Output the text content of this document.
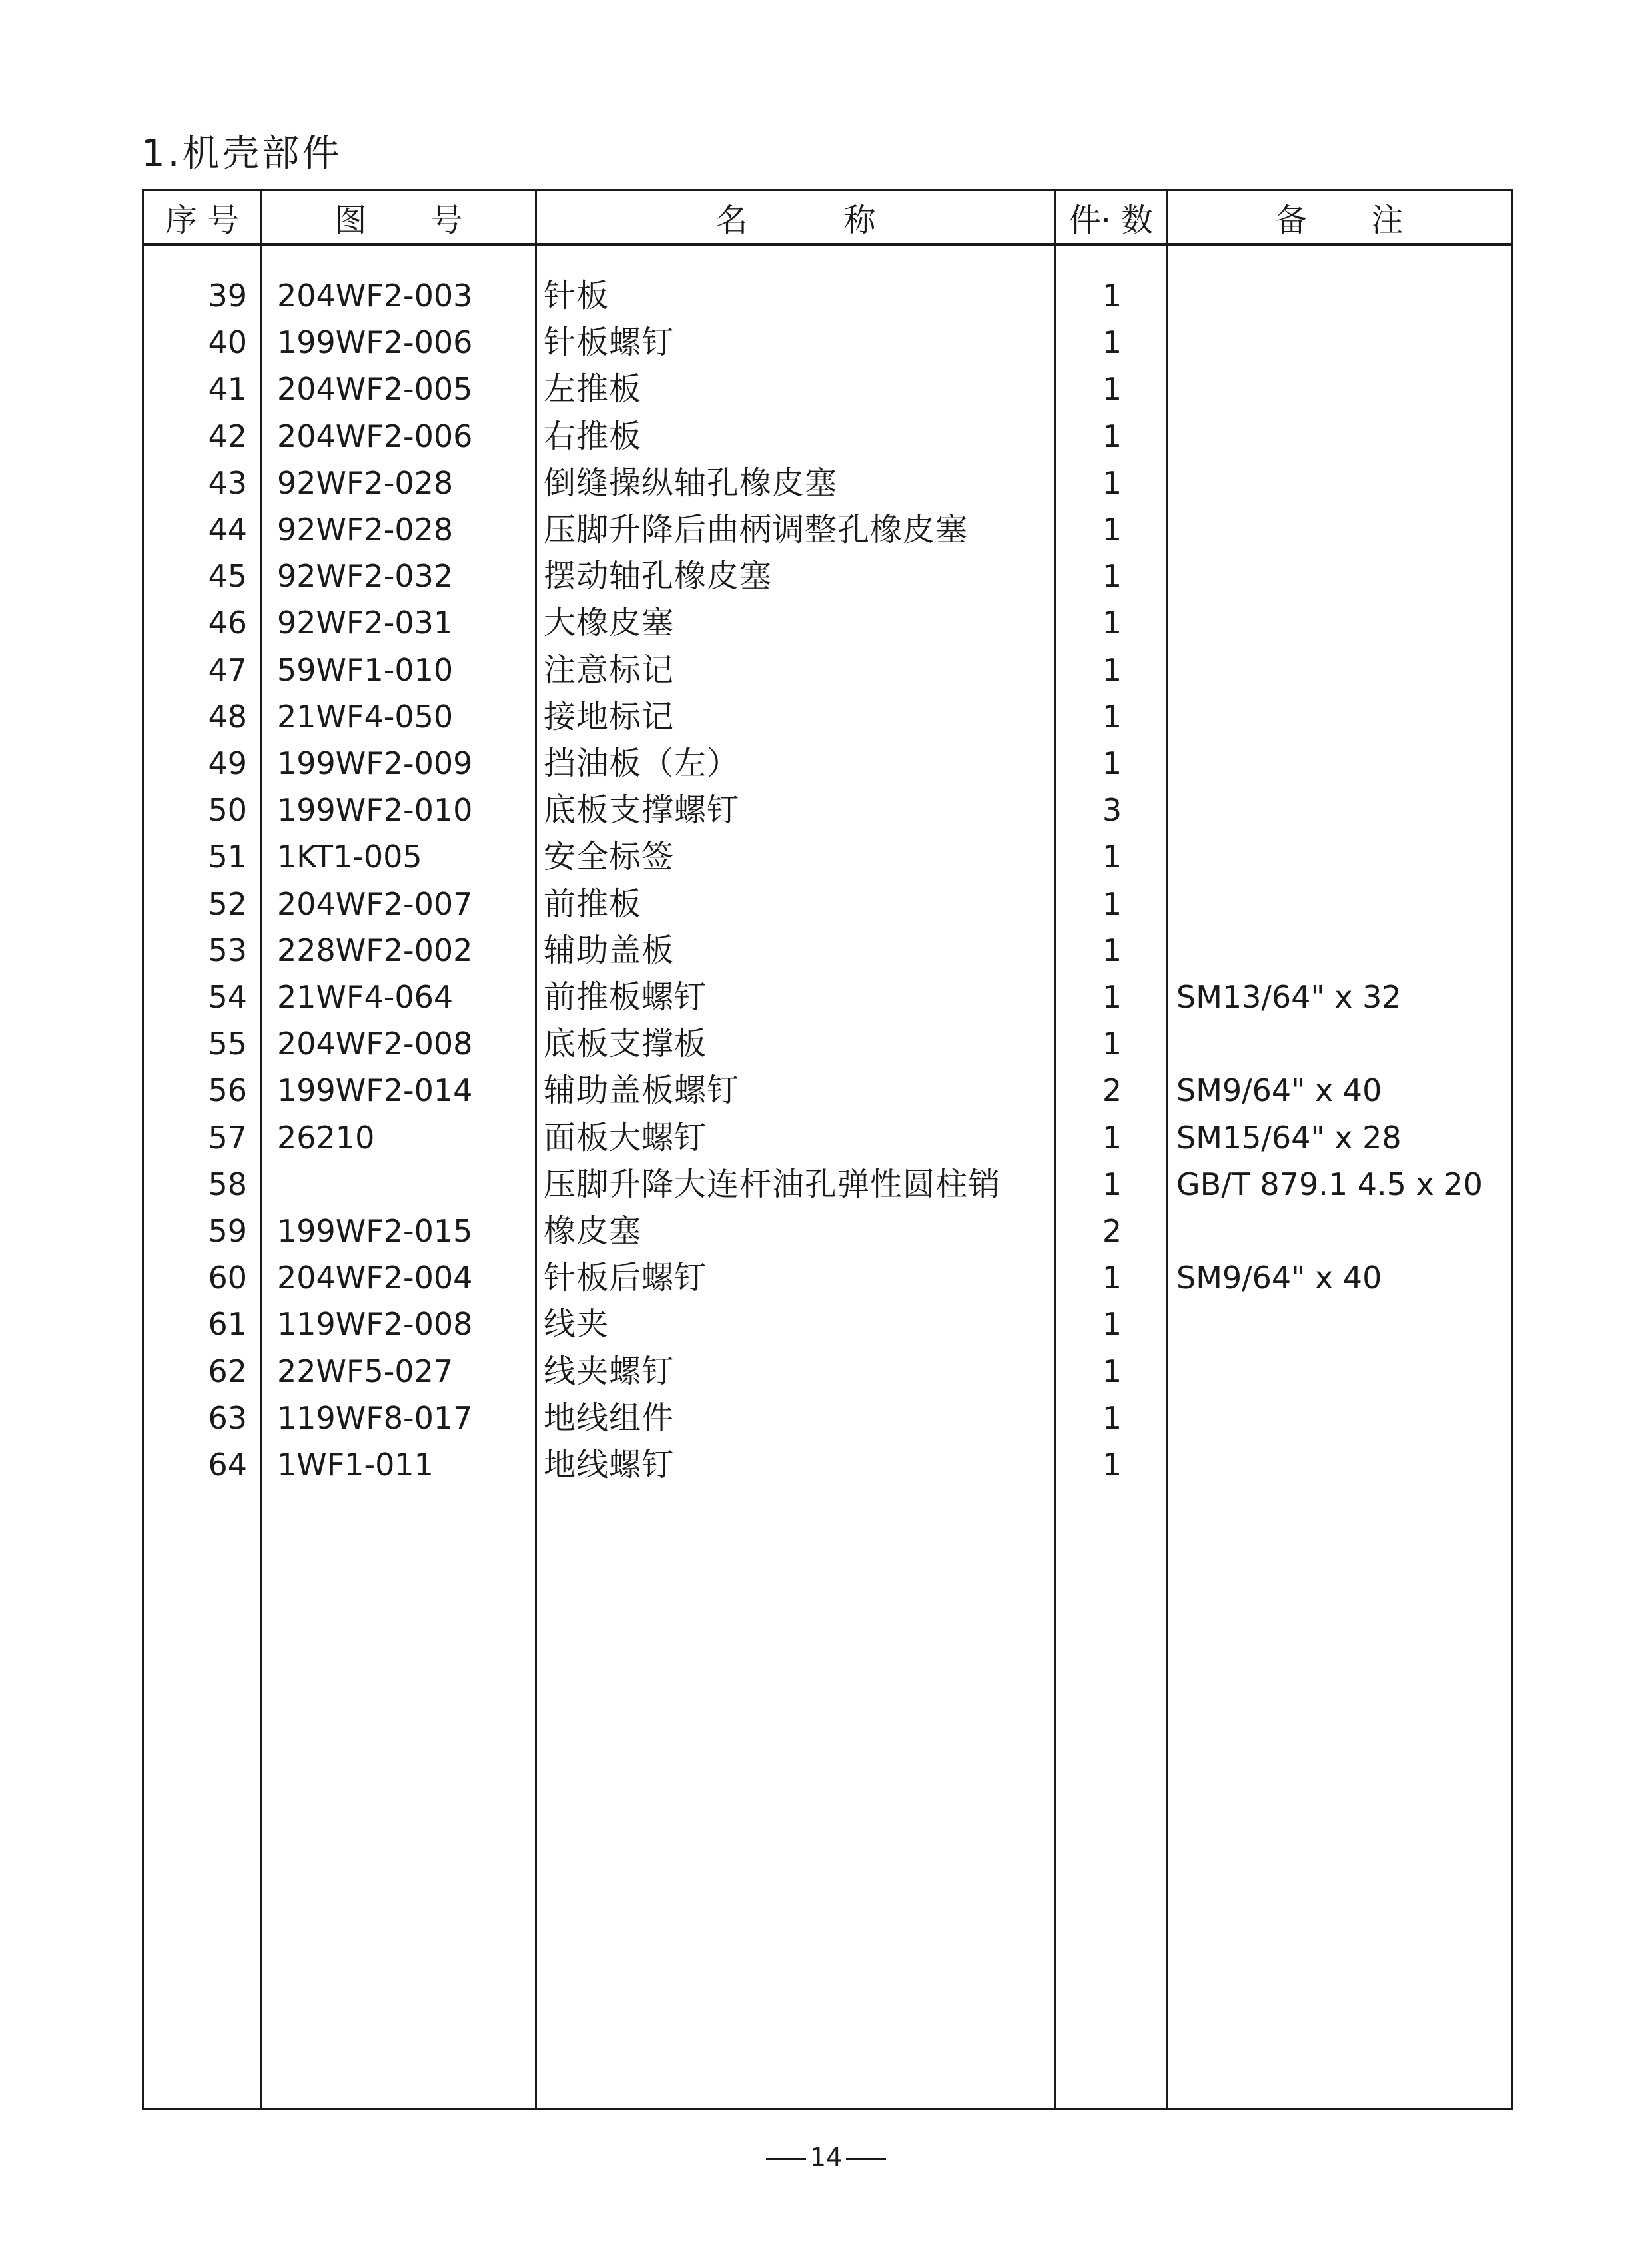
1.机壳部件
序 号	图　　号	名　　　称	件· 数	备　　注
39 204WF2-003 针板	1
40 199WF2-006 针板螺钉	1
41 204WF2-005 左推板	1
42 204WF2-006 右推板	1
43 92WF2-028	倒缝操纵轴孔橡皮塞	1
44 92WF2-028	压脚升降后曲柄调整孔橡皮塞	1
45 92WF2-032	摆动轴孔橡皮塞	1
46 92WF2-031	大橡皮塞	1
47 59WF1-010	注意标记	1
48 21WF4-050	接地标记	1
49 199WF2-009 挡油板（左）	1
50 199WF2-010 底板支撑螺钉	3
51 1KT1-005	安全标签	1
52 204WF2-007 前推板	1
53 228WF2-002 辅助盖板	1
54 21WF4-064	前推板螺钉	1	SM13/64" x 32
55 204WF2-008 底板支撑板	1
56 199WF2-014 辅助盖板螺钉	2	SM9/64" x 40
57 26210	面板大螺钉	1	SM15/64" x 28
58	压脚升降大连杆油孔弹性圆柱销	1	GB/T 879.1 4.5 x 20
59 199WF2-015 橡皮塞	2
60 204WF2-004 针板后螺钉	1	SM9/64" x 40
61 119WF2-008 线夹	1
62 22WF5-027	线夹螺钉	1
63 119WF8-017 地线组件	1
64 1WF1-011	地线螺钉	1
14
